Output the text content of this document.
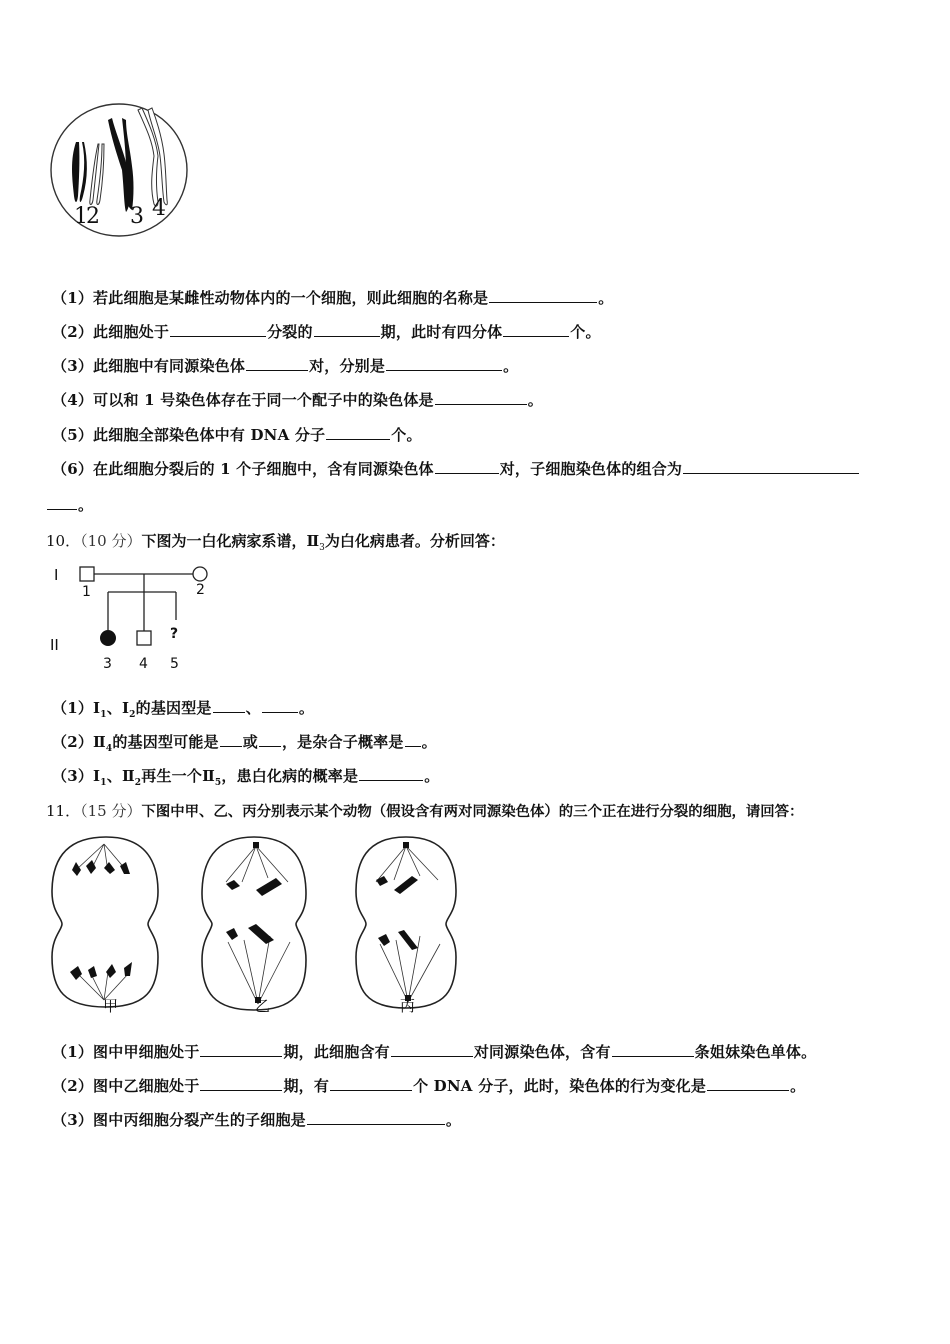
1
2 3 4
（1）若此细胞是某雌性动物体内的一个细胞，则此细胞的名称是	。
（2）此细胞处于	分裂的	期，此时有四分体	个。
（3）此细胞中有同源染色体	对，分别是	。
（4）可以和 1 号染色体存在于同一个配子中的染色体是	。
（5）此细胞全部染色体中有 DNA 分子	个。
（6）在此细胞分裂后的 1 个子细胞中，含有同源染色体	对，子细胞染色体的组合为
。
10．（10 分）下图为一白化病家系谱，$Ⅱ_3$为白化病患者。分析回答：
I
II
?
1	2
3 4 5
$(1)Ⅰ_1$、$Ⅰ_2$的基因型是 、	。
$(2)Ⅱ_4$的基因型可能是 或 ，是杂合子概率是 。
$(3)Ⅰ_1$、$Ⅱ_2$再生一个$Ⅱ_5$，患白化病的概率是	。
11．（15 分）下图中甲、乙、丙分别表示某个动物（假设含有两对同源染色体）的三个正在进行分裂的细胞，请回答：
甲	乙	丙
（1）图中甲细胞处于	期，此细胞含有	对同源染色体，含有	条姐妹染色单体。
（2）图中乙细胞处于	期，有	个 DNA 分子，此时，染色体的行为变化是	。
（3）图中丙细胞分裂产生的子细胞是	。
